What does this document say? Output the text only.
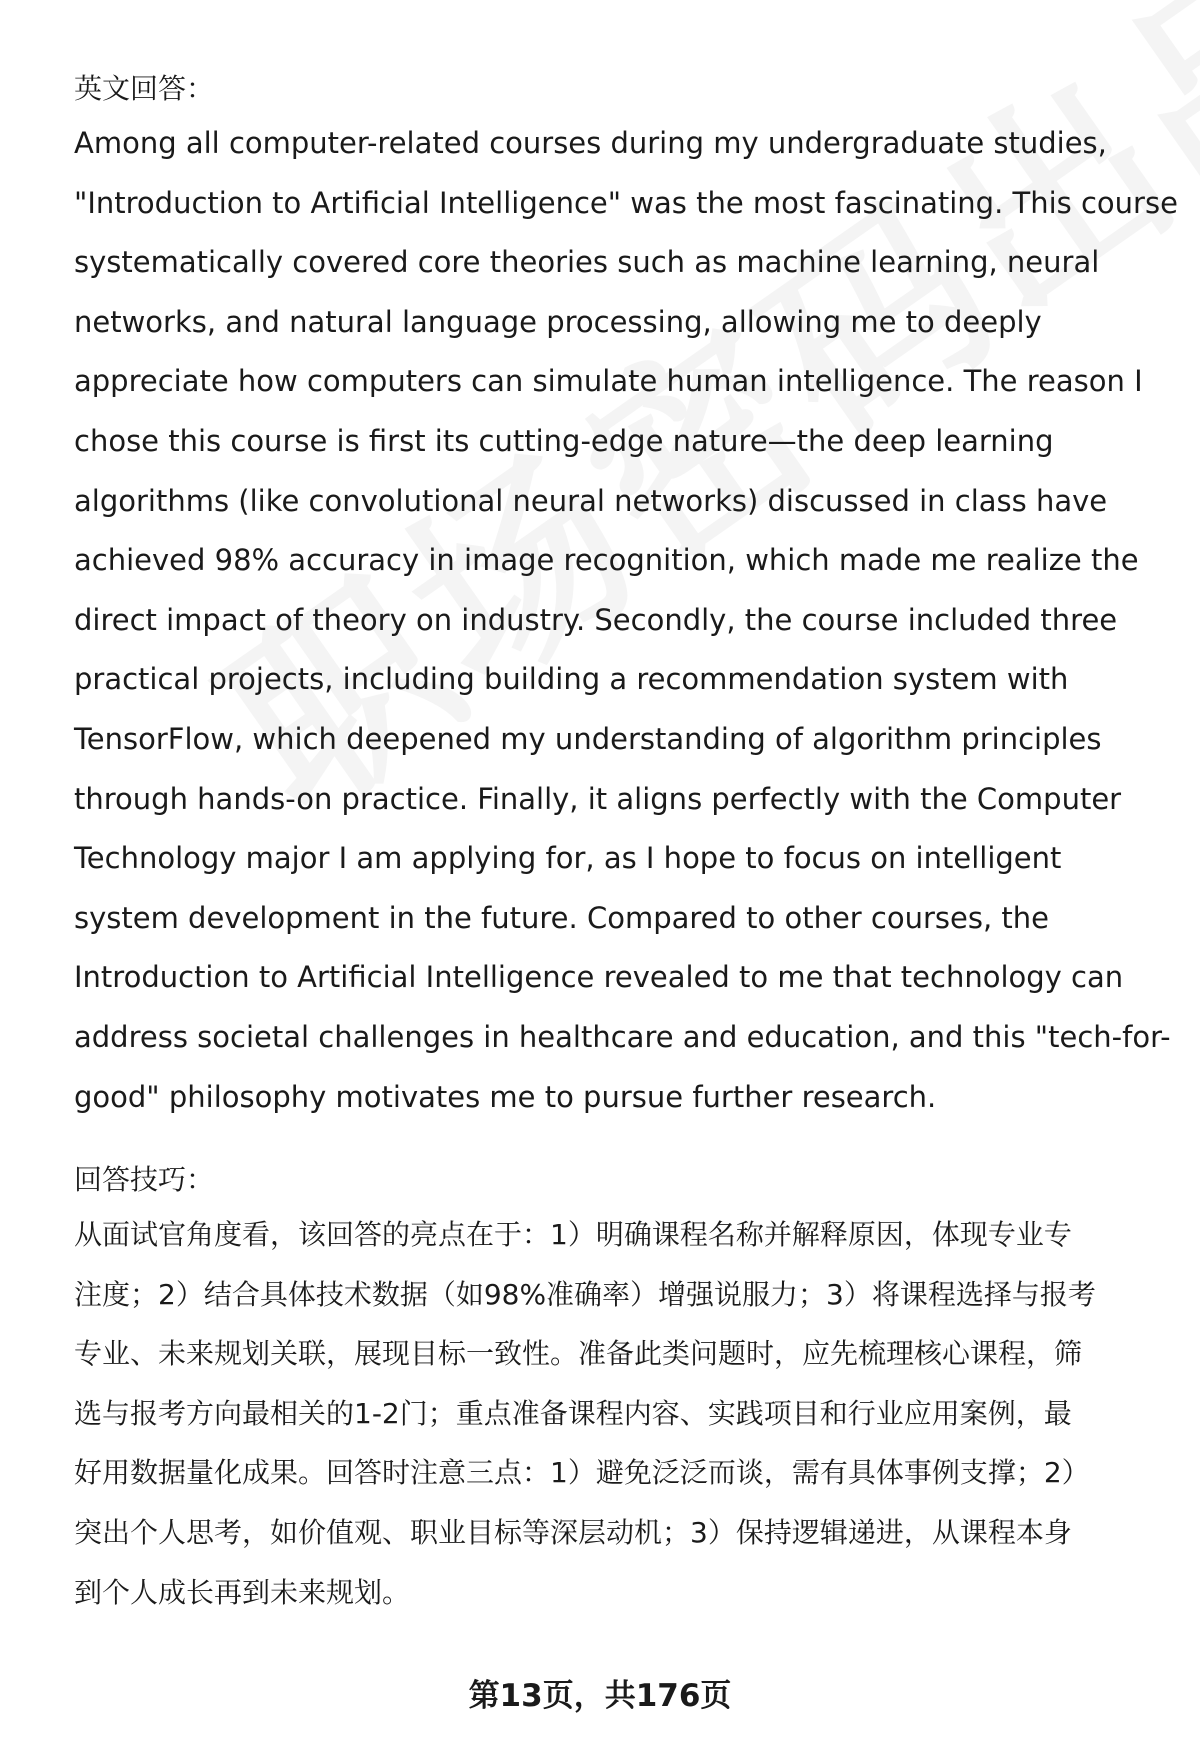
英文回答：

Among all computer-related courses during my undergraduate studies,
"Introduction to Artificial Intelligence" was the most fascinating. This course
systematically covered core theories such as machine learning, neural
networks, and natural language processing, allowing me to deeply
appreciate how computers can simulate human intelligence. The reason I
chose this course is first its cutting-edge nature—the deep learning
algorithms (like convolutional neural networks) discussed in class have
achieved 98% accuracy in image recognition, which made me realize the
direct impact of theory on industry. Secondly, the course included three
practical projects, including building a recommendation system with
TensorFlow, which deepened my understanding of algorithm principles
through hands-on practice. Finally, it aligns perfectly with the Computer
Technology major I am applying for, as I hope to focus on intelligent
system development in the future. Compared to other courses, the
Introduction to Artificial Intelligence revealed to me that technology can
address societal challenges in healthcare and education, and this "tech-for-
good" philosophy motivates me to pursue further research.

回答技巧：

从面试官角度看，该回答的亮点在于：1）明确课程名称并解释原因，体现专业专
注度；2）结合具体技术数据（如98%准确率）增强说服力；3）将课程选择与报考
专业、未来规划关联，展现目标一致性。准备此类问题时，应先梳理核心课程，筛
选与报考方向最相关的1-2门；重点准备课程内容、实践项目和行业应用案例，最
好用数据量化成果。回答时注意三点：1）避免泛泛而谈，需有具体事例支撑；2）
突出个人思考，如价值观、职业目标等深层动机；3）保持逻辑递进，从课程本身
到个人成长再到未来规划。

第13页，共176页
